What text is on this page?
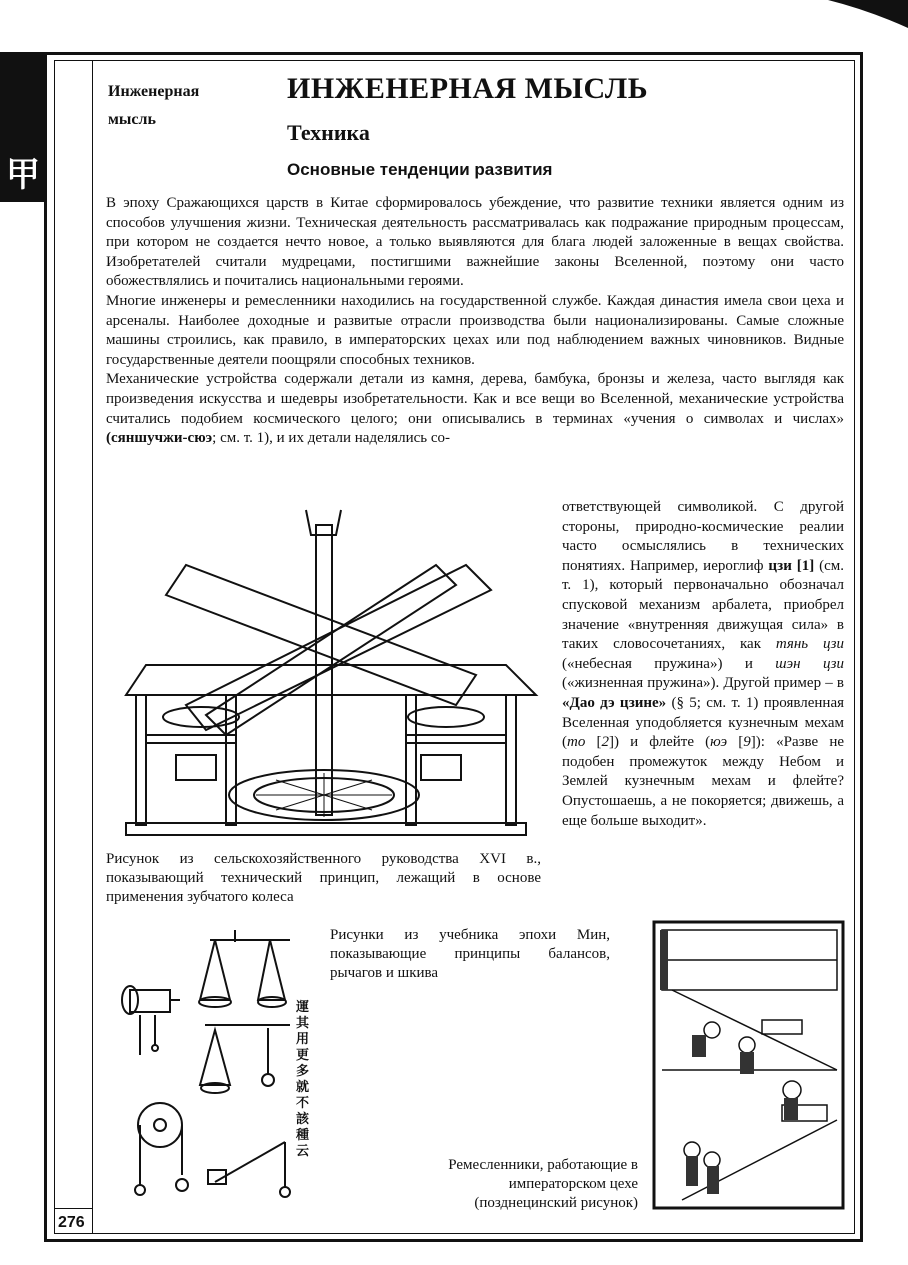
甲
276
Инженерная мысль
ИНЖЕНЕРНАЯ МЫСЛЬ
Техника
Основные тенденции развития

В эпоху Сражающихся царств в Китае сформировалось убеждение, что развитие техники является одним из способов улучшения жизни. Техническая деятельность рассматривалась как подражание природным процессам, при котором не создается нечто новое, а только выявляются для блага людей заложенные в вещах свойства. Изобретателей считали мудрецами, постигшими важнейшие законы Вселенной, поэтому они часто обожествлялись и почитались национальными героями.

Многие инженеры и ремесленники находились на государственной службе. Каждая династия имела свои цеха и арсеналы. Наиболее доходные и развитые отрасли производства были национализированы. Самые сложные машины строились, как правило, в императорских цехах или под наблюдением важных чиновников. Видные государственные деятели поощряли способных техников.

Механические устройства содержали детали из камня, дерева, бамбука, бронзы и железа, часто выглядя как произведения искусства и шедевры изобретательности. Как и все вещи во Вселенной, механические устройства считались подобием космического целого; они описывались в терминах «учения о символах и числах» (сяншучжи-сюэ; см. т. 1), и их детали наделялись со-

ответствующей символикой. С другой стороны, природно-космические реалии часто осмыслялись в технических понятиях. Например, иероглиф цзи [1] (см. т. 1), который первоначально обозначал спусковой механизм арбалета, приобрел значение «внутренняя движущая сила» в таких словосочетаниях, как тянь цзи («небесная пружина») и шэн цзи («жизненная пружина»). Другой пример – в «Дао дэ цзине» (§ 5; см. т. 1) проявленная Вселенная уподобляется кузнечным мехам (то [2]) и флейте (юэ [9]): «Разве не подобен промежуток между Небом и Землей кузнечным мехам и флейте? Опустошаешь, а не покоряется; движешь, а еще больше выходит».

Рисунок из сельскохозяйственного руководства XVI в., показывающий технический принцип, лежащий в основе применения зубчатого колеса
Рисунки из учебника эпохи Мин, показывающие принципы балансов, рычагов и шкива
運其用更多就不該種云
Ремесленники, работающие в императорском цехе (позднецинский рисунок)
